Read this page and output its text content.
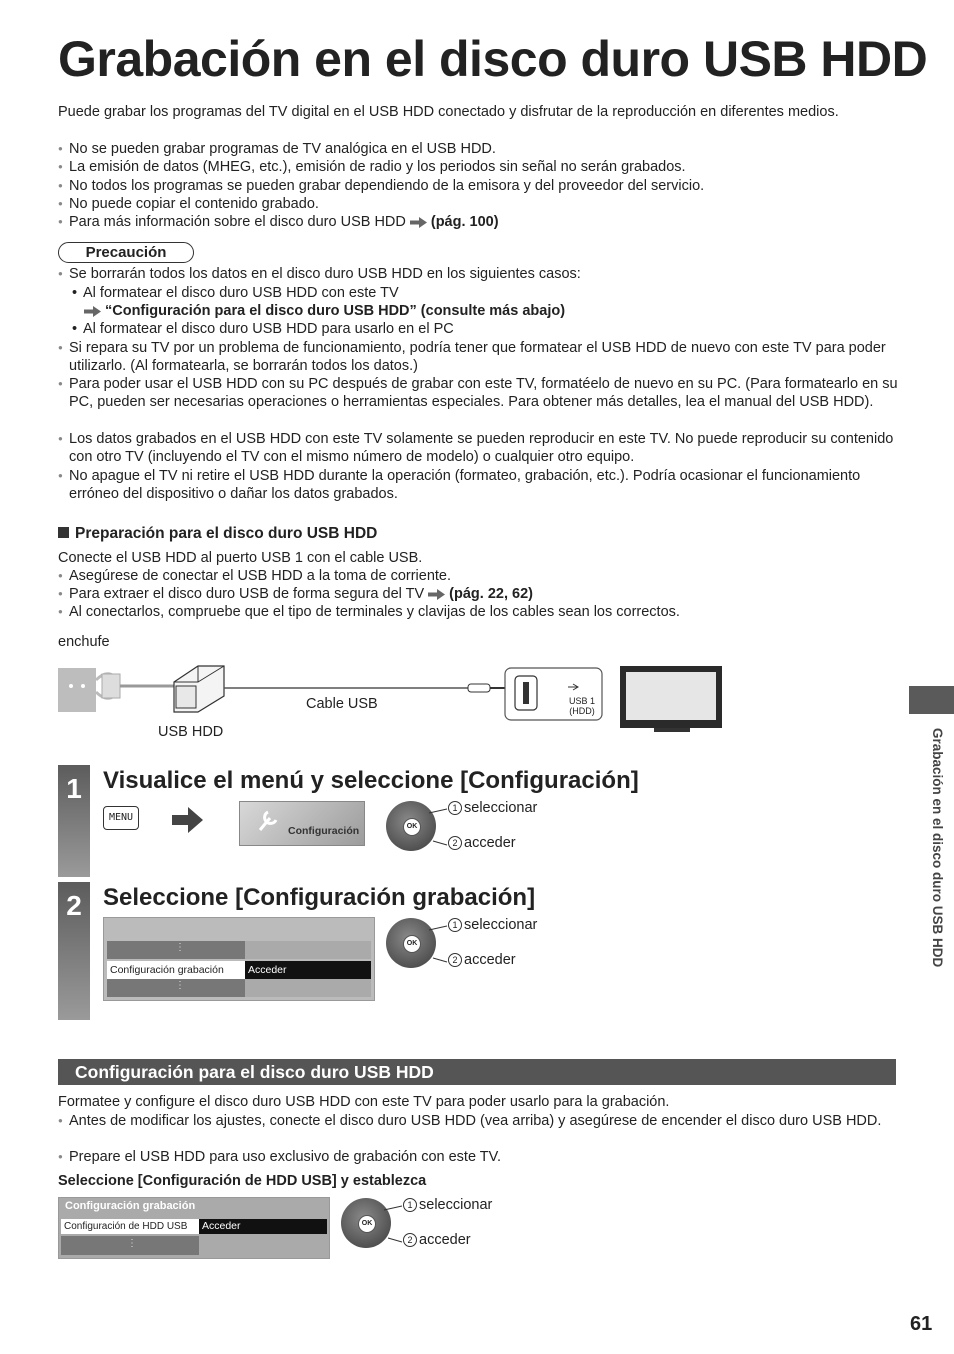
Grabación en el disco duro USB HDD
Puede grabar los programas del TV digital en el USB HDD conectado y disfrutar de la reproducción en diferentes medios.
● No se pueden grabar programas de TV analógica en el USB HDD.
● La emisión de datos (MHEG, etc.), emisión de radio y los periodos sin señal no serán grabados.
● No todos los programas se pueden grabar dependiendo de la emisora y del proveedor del servicio.
● No puede copiar el contenido grabado.
● Para más información sobre el disco duro USB HDD (pág. 100)
Precaución
● Se borrarán todos los datos en el disco duro USB HDD en los siguientes casos:
• Al formatear el disco duro USB HDD con este TV
“Configuración para el disco duro USB HDD” (consulte más abajo)
• Al formatear el disco duro USB HDD para usarlo en el PC
● Si repara su TV por un problema de funcionamiento, podría tener que formatear el USB HDD de nuevo con este TV para poder utilizarlo. (Al formatearla, se borrarán todos los datos.)
● Para poder usar el USB HDD con su PC después de grabar con este TV, formatéelo de nuevo en su PC. (Para formatearlo en su PC, pueden ser necesarias operaciones o herramientas especiales. Para obtener más detalles, lea el manual del USB HDD).
● Los datos grabados en el USB HDD con este TV solamente se pueden reproducir en este TV. No puede reproducir su contenido con otro TV (incluyendo el TV con el mismo número de modelo) o cualquier otro equipo.
● No apague el TV ni retire el USB HDD durante la operación (formateo, grabación, etc.). Podría ocasionar el funcionamiento erróneo del dispositivo o dañar los datos grabados.
Preparación para el disco duro USB HDD
Conecte el USB HDD al puerto USB 1 con el cable USB.
● Asegúrese de conectar el USB HDD a la toma de corriente.
● Para extraer el disco duro USB de forma segura del TV (pág. 22, 62)
● Al conectarlos, compruebe que el tipo de terminales y clavijas de los cables sean los correctos.
enchufe
USB 1
(HDD)
Cable USB
USB HDD
1 Visualice el menú y seleccione [Configuración]
MENU
Configuración	OK
1 seleccionar
2 acceder
2 Seleccione [Configuración grabación]
⋮
Configuración grabación	Acceder
⋮
OK
1 seleccionar
2 acceder
Configuración para el disco duro USB HDD
Formatee y configure el disco duro USB HDD con este TV para poder usarlo para la grabación.
● Antes de modificar los ajustes, conecte el disco duro USB HDD (vea arriba) y asegúrese de encender el disco duro USB HDD.
● Prepare el USB HDD para uso exclusivo de grabación con este TV.
Seleccione [Configuración de HDD USB] y establezca
Configuración grabación
Configuración de HDD USB	Acceder
⋮
OK
1 seleccionar
2 acceder
Grabación en el disco duro USB HDD
61
